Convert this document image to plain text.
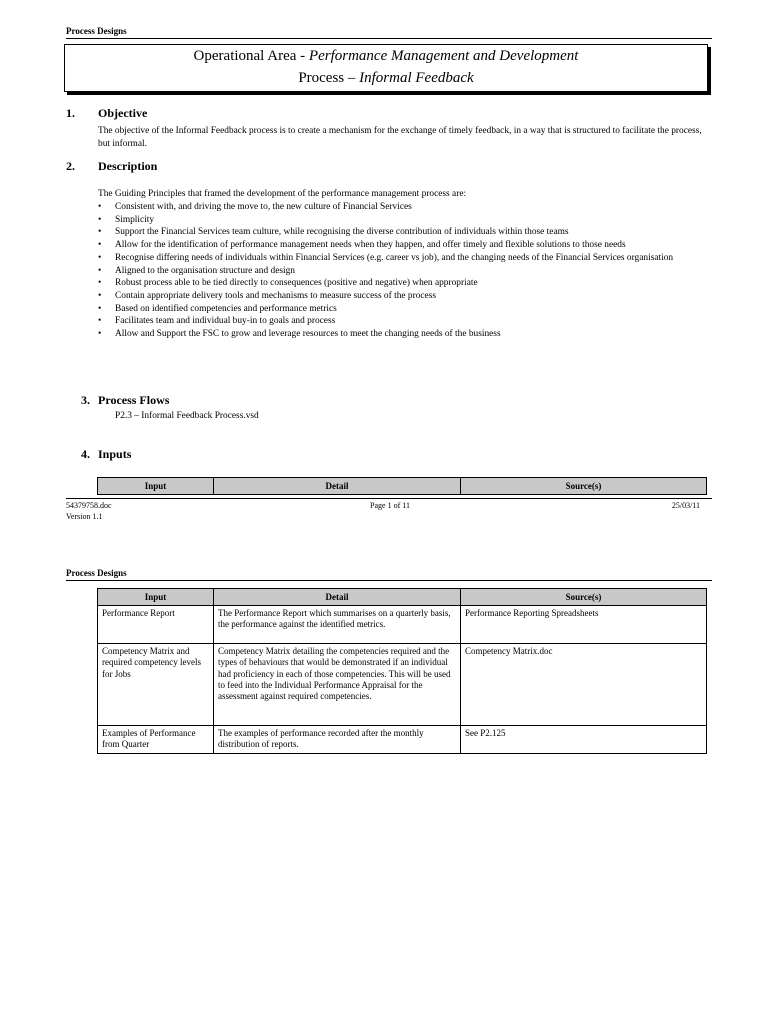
Process Designs
Operational Area - Performance Management and Development
Process – Informal Feedback
1. Objective
The objective of the Informal Feedback process is to create a mechanism for the exchange of timely feedback, in a way that is structured to facilitate the process, but informal.
2. Description
The Guiding Principles that framed the development of the performance management process are:
• Consistent with, and driving the move to, the new culture of Financial Services
• Simplicity
• Support the Financial Services team culture, while recognising the diverse contribution of individuals within those teams
• Allow for the identification of performance management needs when they happen, and offer timely and flexible solutions to those needs
• Recognise differing needs of individuals within Financial Services (e.g. career vs job), and the changing needs of the Financial Services organisation
• Aligned to the organisation structure and design
• Robust process able to be tied directly to consequences (positive and negative) when appropriate
• Contain appropriate delivery tools and mechanisms to measure success of the process
• Based on identified competencies and performance metrics
• Facilitates team and individual buy-in to goals and process
• Allow and Support the FSC to grow and leverage resources to meet the changing needs of the business
3. Process Flows
P2.3 – Informal Feedback Process.vsd
4. Inputs
Input	Detail	Source(s)
54379758.doc
Version 1.1
Page 1 of 11	25/03/11
Process Designs
Input	Detail	Source(s)
Performance Report	The Performance Report which summarises on a quarterly basis, the performance against the identified metrics.	Performance Reporting Spreadsheets
Competency Matrix and required competency levels for Jobs	Competency Matrix detailing the competencies required and the types of behaviours that would be demonstrated if an individual had proficiency in each of those competencies. This will be used to feed into the Individual Performance Appraisal for the assessment against required competencies.	Competency Matrix.doc
Examples of Performance from Quarter	The examples of performance recorded after the monthly distribution of reports.	See P2.125
